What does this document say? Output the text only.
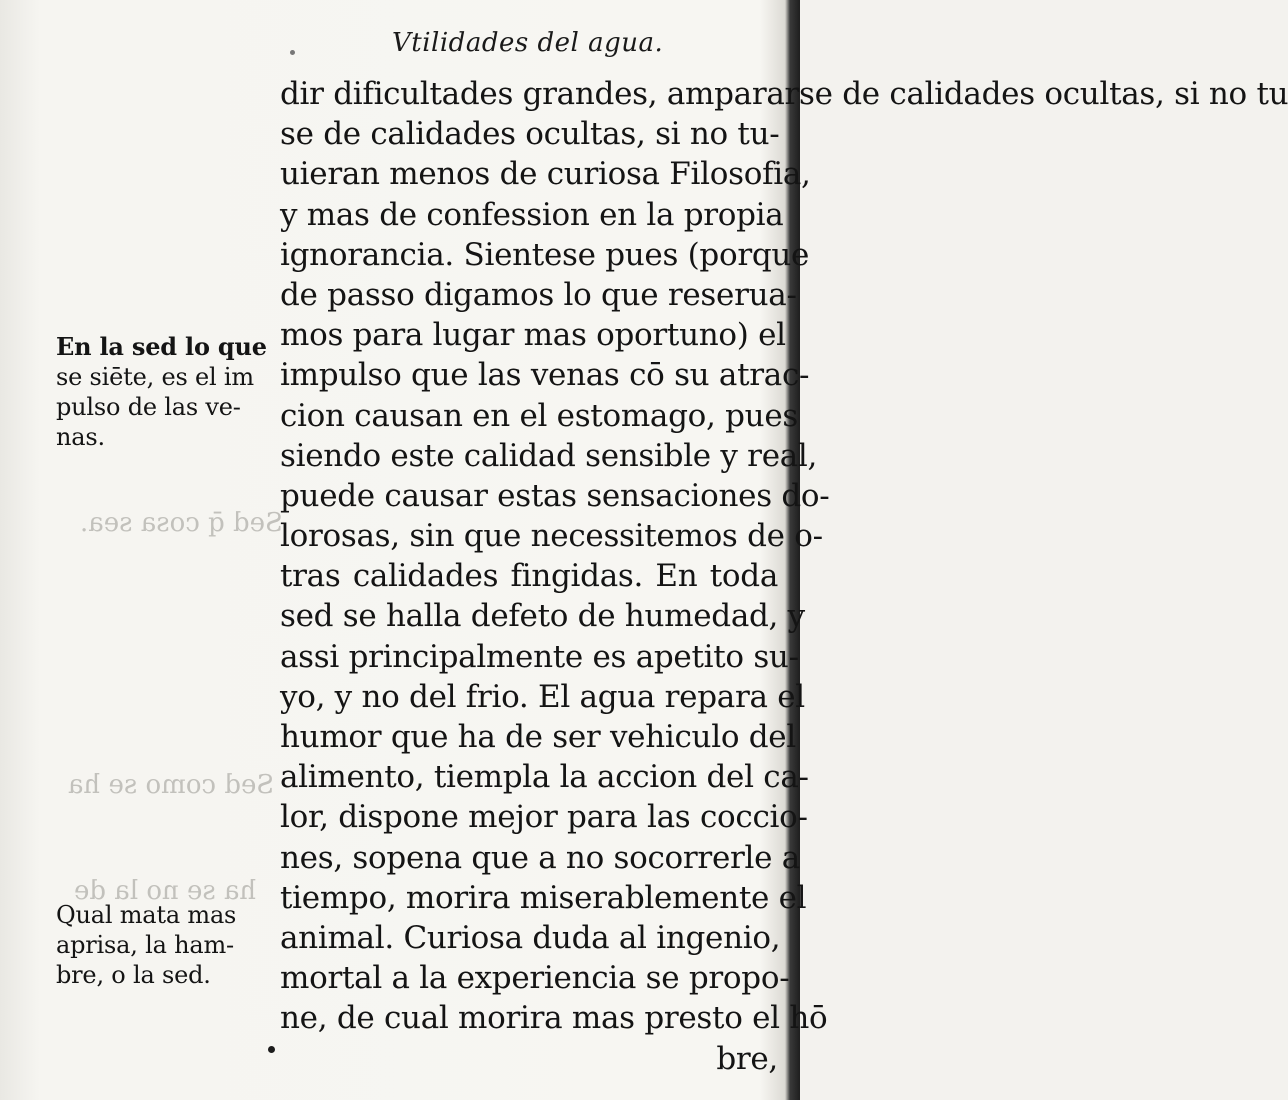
Vtilidades del agua.
Sed q̄ cosa sea.
Sed como se ha
ha se no la de
En la sed lo que
se siēte, es el im
pulso de las ve-
nas.
Qual mata mas
aprisa, la ham-
bre, o la sed.
dir dificultades grandes, ampararse de calidades ocultas, si no tu
se de calidades ocultas, si no tu-
uieran menos de curiosa Filosofia,
y mas de confession en la propia
ignorancia. Sientese pues (porque
de passo digamos lo que reserua-
mos para lugar mas oportuno) el
impulso que las venas cō su atrac-
cion causan en el estomago, pues
siendo este calidad sensible y real,
puede causar estas sensaciones do-
lorosas, sin que necessitemos de o-
tras calidades fingidas. En toda
sed se halla defeto de humedad, y
assi principalmente es apetito su-
yo, y no del frio. El agua repara el
humor que ha de ser vehiculo del
alimento, tiempla la accion del ca-
lor, dispone mejor para las coccio-
nes, sopena que a no socorrerle a
tiempo, morira miserablemente el
animal. Curiosa duda al ingenio,
mortal a la experiencia se propo-
ne, de cual morira mas presto el hō
bre,
